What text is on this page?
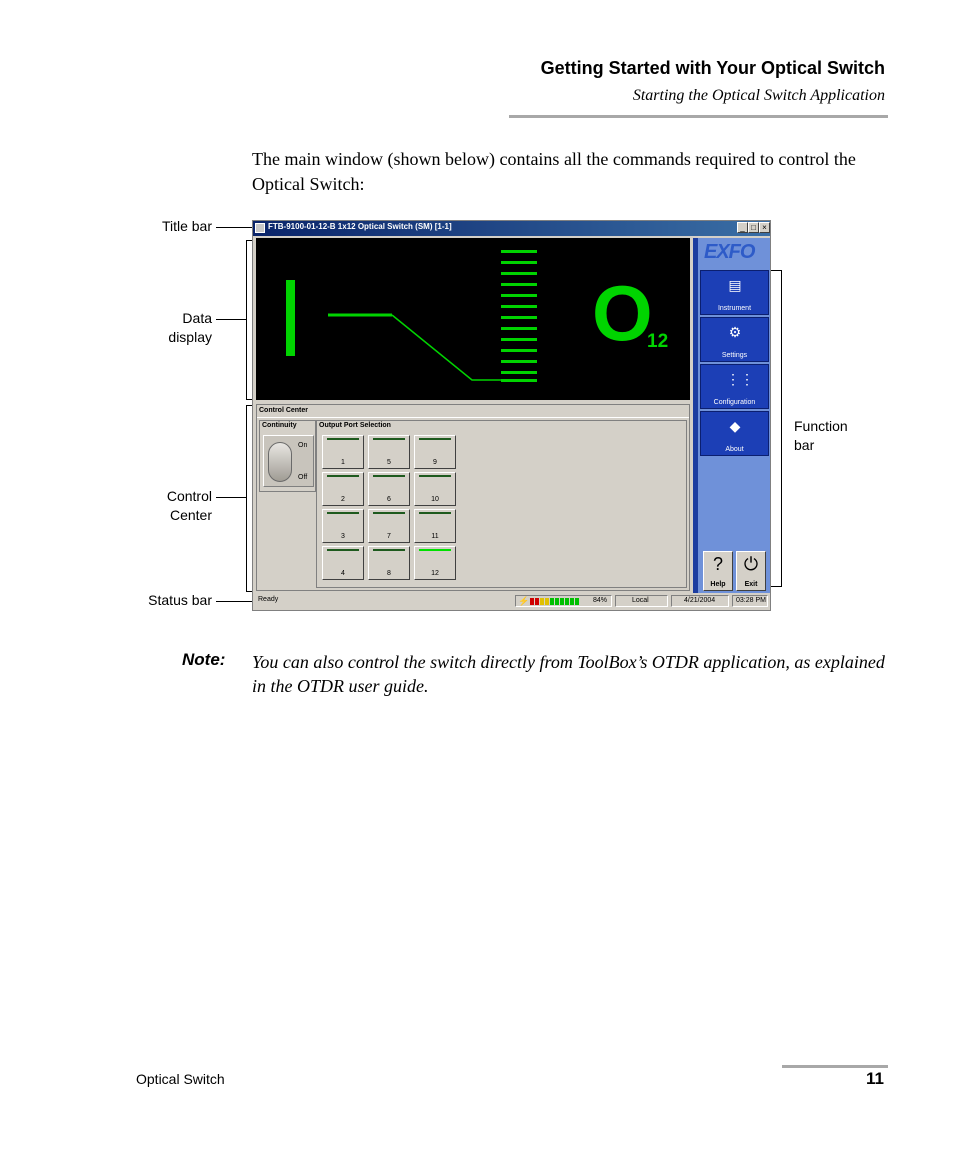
Getting Started with Your Optical Switch
Starting the Optical Switch Application
The main window (shown below) contains all the commands required to control the Optical Switch:
Title bar
Data
display
Control
Center
Status bar
Function
bar
FTB-9100-01-12-B 1x12 Optical Switch (SM) [1-1]	_ □ ×
O
12
Control Center
Continuity
On
Off
Output Port Selection
1	5	9
2	6	10
3	7	11
4	8	12
EXFO
▤
Instrument
⚙
Settings
⋮⋮
Configuration
◆
About
?
Help
⏻
Exit
Ready	⚡	84%	Local	4/21/2004	03:28 PM
Note: You can also control the switch directly from ToolBox’s OTDR application, as explained in the OTDR user guide.
Optical Switch	11
